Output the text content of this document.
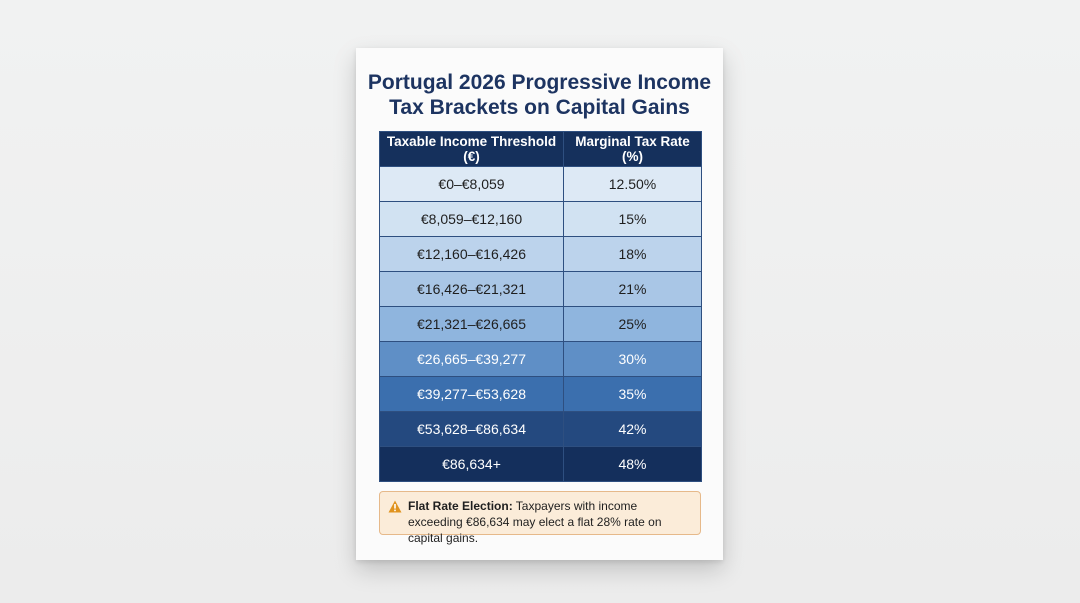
Portugal 2026 Progressive Income
Tax Brackets on Capital Gains
Taxable Income Threshold (€)	Marginal Tax Rate (%)
€0–€8,059	12.50%
€8,059–€12,160	15%
€12,160–€16,426	18%
€16,426–€21,321	21%
€21,321–€26,665	25%
€26,665–€39,277	30%
€39,277–€53,628	35%
€53,628–€86,634	42%
€86,634+	48%
Flat Rate Election: Taxpayers with income exceeding €86,634 may elect a flat 28% rate on capital gains.
